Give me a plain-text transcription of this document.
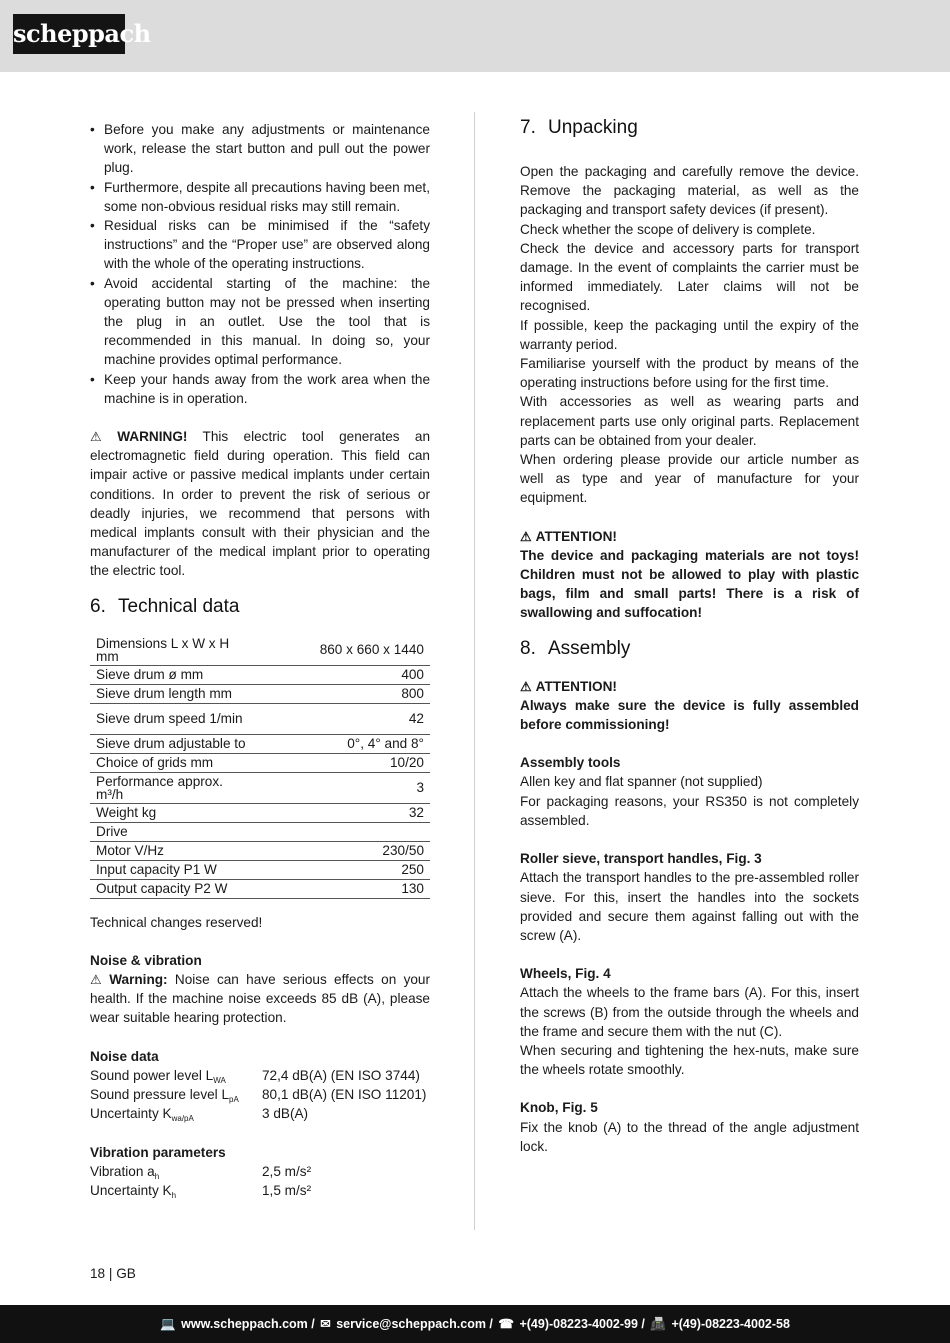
scheppach
• Before you make any adjustments or maintenance work, release the start button and pull out the power plug.
• Furthermore, despite all precautions having been met, some non-obvious residual risks may still remain.
• Residual risks can be minimised if the “safety instructions” and the “Proper use” are observed along with the whole of the operating instructions.
• Avoid accidental starting of the machine: the operating button may not be pressed when inserting the plug in an outlet. Use the tool that is recommended in this manual. In doing so, your machine provides optimal performance.
• Keep your hands away from the work area when the machine is in operation.

⚠ WARNING! This electric tool generates an electromagnetic field during operation. This field can impair active or passive medical implants under certain conditions. In order to prevent the risk of serious or deadly injuries, we recommend that persons with medical implants consult with their physician and the manufacturer of the medical implant prior to operating the electric tool.

6. Technical data
Dimensions L x W x H mm	860 x 660 x 1440
Sieve drum ø mm	400
Sieve drum length mm	800
Sieve drum speed 1/min	42
Sieve drum adjustable to	0°, 4° and 8°
Choice of grids mm	10/20
Performance approx. m³/h	3
Weight kg	32
Drive	
Motor V/Hz	230/50
Input capacity P1 W	250
Output capacity P2 W	130

Technical changes reserved!

Noise & vibration

⚠ Warning: Noise can have serious effects on your health. If the machine noise exceeds 85 dB (A), please wear suitable hearing protection.

Noise data

Sound power level $L_{WA}$	72,4 dB(A) (EN ISO 3744)
Sound pressure level $L_{pA}$	80,1 dB(A) (EN ISO 11201)
Uncertainty $K_{wa/pA}$	3 dB(A)

Vibration parameters

Vibration $a_h$	2,5 m/s²
Uncertainty $K_h$	1,5 m/s²
7. Unpacking

Open the packaging and carefully remove the device. Remove the packaging material, as well as the packaging and transport safety devices (if present).

Check whether the scope of delivery is complete.

Check the device and accessory parts for transport damage. In the event of complaints the carrier must be informed immediately. Later claims will not be recognised.

If possible, keep the packaging until the expiry of the warranty period.

Familiarise yourself with the product by means of the operating instructions before using for the first time.

With accessories as well as wearing parts and replacement parts use only original parts. Replacement parts can be obtained from your dealer.

When ordering please provide our article number as well as type and year of manufacture for your equipment.

⚠ ATTENTION!

The device and packaging materials are not toys! Children must not be allowed to play with plastic bags, film and small parts! There is a risk of swallowing and suffocation!

8. Assembly

⚠ ATTENTION!

Always make sure the device is fully assembled before commissioning!

Assembly tools

Allen key and flat spanner (not supplied)

For packaging reasons, your RS350 is not completely assembled.

Roller sieve, transport handles, Fig. 3

Attach the transport handles to the pre-assembled roller sieve. For this, insert the handles into the sockets provided and secure them against falling out with the screw (A).

Wheels, Fig. 4

Attach the wheels to the frame bars (A). For this, insert the screws (B) from the outside through the wheels and the frame and secure them with the nut (C).

When securing and tightening the hex-nuts, make sure the wheels rotate smoothly.

Knob, Fig. 5

Fix the knob (A) to the thread of the angle adjustment lock.

18 | GB
💻 www.scheppach.com / ✉ service@scheppach.com / ☎ +(49)-08223-4002-99 / 📠 +(49)-08223-4002-58
